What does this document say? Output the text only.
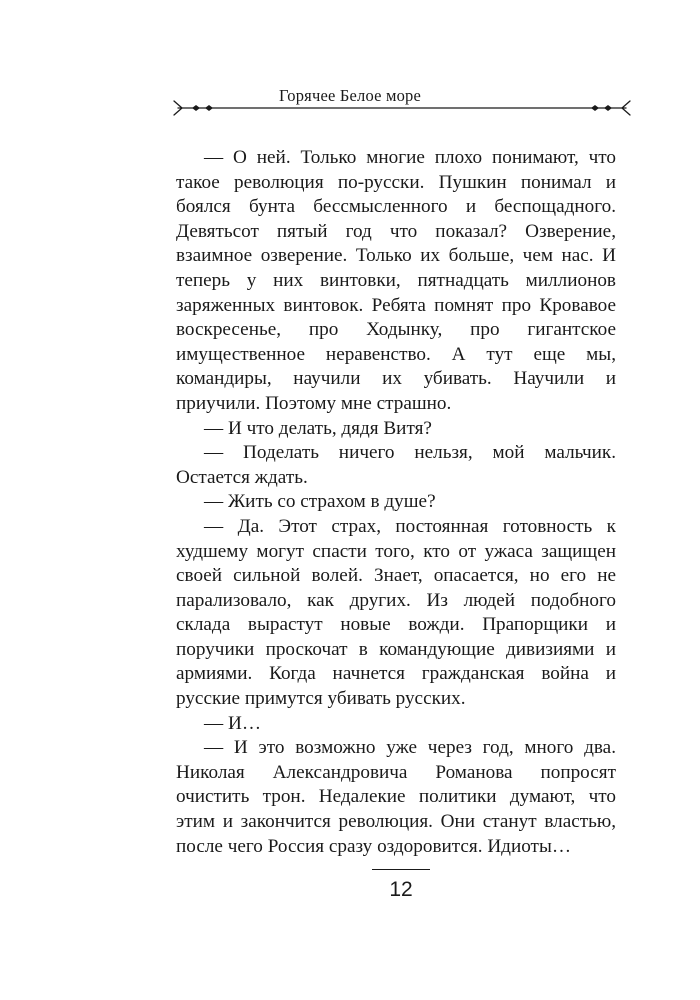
Горячее Белое море

— О ней. Только многие плохо понимают, что такое революция по-русски. Пушкин понимал и боялся бунта бессмысленного и беспощадного. Девятьсот пятый год что показал? Озверение, взаимное озверение. Только их больше, чем нас. И теперь у них винтовки, пятнадцать миллионов заряженных винтовок. Ребята помнят про Кровавое воскресенье, про Ходынку, про гигантское имущественное неравенство. А тут еще мы, командиры, научили их убивать. Научили и приучили. Поэтому мне страшно.

— И что делать, дядя Витя?

— Поделать ничего нельзя, мой мальчик. Остается ждать.

— Жить со страхом в душе?

— Да. Этот страх, постоянная готовность к худшему могут спасти того, кто от ужаса защищен своей сильной волей. Знает, опасается, но его не парализовало, как других. Из людей подобного склада вырастут новые вожди. Прапорщики и поручики проскочат в командующие дивизиями и армиями. Когда начнется гражданская война и русские примутся убивать русских.

— И…

— И это возможно уже через год, много два. Николая Александровича Романова попросят очистить трон. Недалекие политики думают, что этим и закончится революция. Они станут властью, после чего Россия сразу оздоровится. Идиоты…

12
